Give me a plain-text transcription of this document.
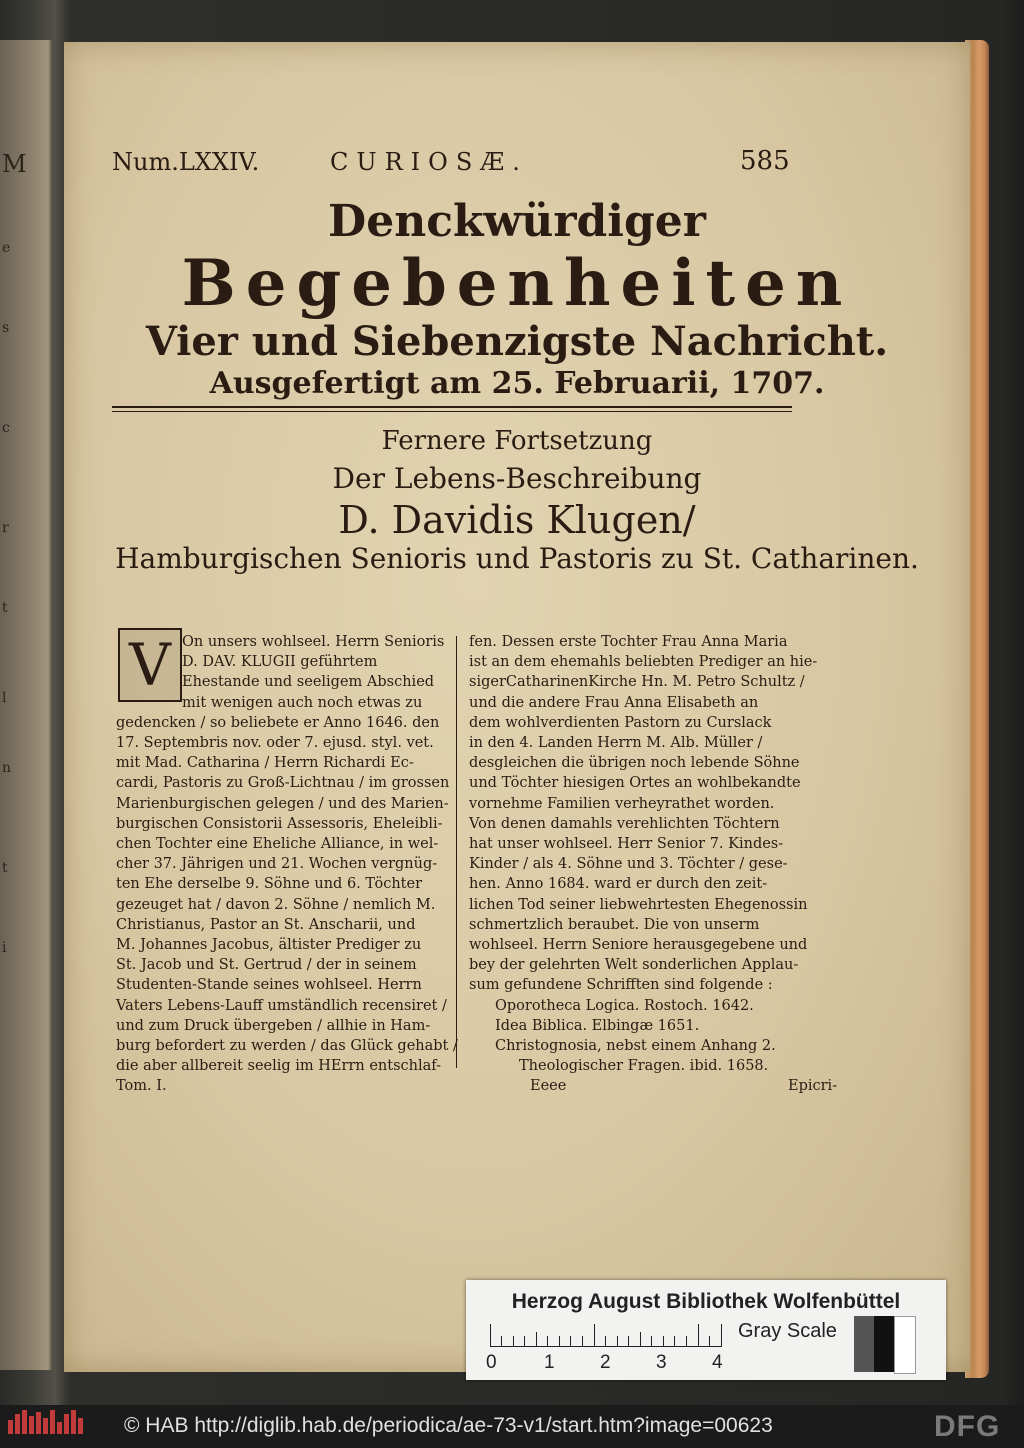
M
e
s
c
r
t
l
n
t
i
Num.LXXIV.	CURIOSÆ.	585
Denckwürdiger
Begebenheiten
Vier und Siebenzigste Nachricht.
Ausgefertigt am 25. Februarii, 1707.
Fernere Fortsetzung
Der Lebens-Beschreibung
D. Davidis Klugen/
Hamburgischen Senioris und Pastoris zu St. Catharinen.
V On unsers wohlseel. Herrn Senioris
D. DAV. KLUGII geführtem
Ehestande und seeligem Abschied
mit wenigen auch noch etwas zu
gedencken / so beliebete er Anno 1646. den
17. Septembris nov. oder 7. ejusd. styl. vet.
mit Mad. Catharina / Herrn Richardi Ec-
cardi, Pastoris zu Groß-Lichtnau / im grossen
Marienburgischen gelegen / und des Marien-
burgischen Consistorii Assessoris, Eheleibli-
chen Tochter eine Eheliche Alliance, in wel-
cher 37. Jährigen und 21. Wochen vergnüg-
ten Ehe derselbe 9. Söhne und 6. Töchter
gezeuget hat / davon 2. Söhne / nemlich M.
Christianus, Pastor an St. Anscharii, und
M. Johannes Jacobus, ältister Prediger zu
St. Jacob und St. Gertrud / der in seinem
Studenten-Stande seines wohlseel. Herrn
Vaters Lebens-Lauff umständlich recensiret /
und zum Druck übergeben / allhie in Ham-
burg befordert zu werden / das Glück gehabt /
die aber allbereit seelig im HErrn entschlaf-
fen. Dessen erste Tochter Frau Anna Maria
ist an dem ehemahls beliebten Prediger an hie-
sigerCatharinenKirche Hn. M. Petro Schultz /
und die andere Frau Anna Elisabeth an
dem wohlverdienten Pastorn zu Curslack
in den 4. Landen Herrn M. Alb. Müller /
desgleichen die übrigen noch lebende Söhne
und Töchter hiesigen Ortes an wohlbekandte
vornehme Familien verheyrathet worden.
Von denen damahls verehlichten Töchtern
hat unser wohlseel. Herr Senior 7. Kindes-
Kinder / als 4. Söhne und 3. Töchter / gese-
hen. Anno 1684. ward er durch den zeit-
lichen Tod seiner liebwehrtesten Ehegenossin
schmertzlich beraubet. Die von unserm
wohlseel. Herrn Seniore herausgegebene und
bey der gelehrten Welt sonderlichen Applau-
sum gefundene Schrifften sind folgende :
Oporotheca Logica. Rostoch. 1642.
Idea Biblica. Elbingæ 1651.
Christognosia, nebst einem Anhang 2.
Theologischer Fragen. ibid. 1658.
Tom. I.	Eeee	Epicri-
Herzog August Bibliothek Wolfenbüttel
0 1 2 3 4
Gray Scale
© HAB http://diglib.hab.de/periodica/ae-73-v1/start.htm?image=00623	DFG
